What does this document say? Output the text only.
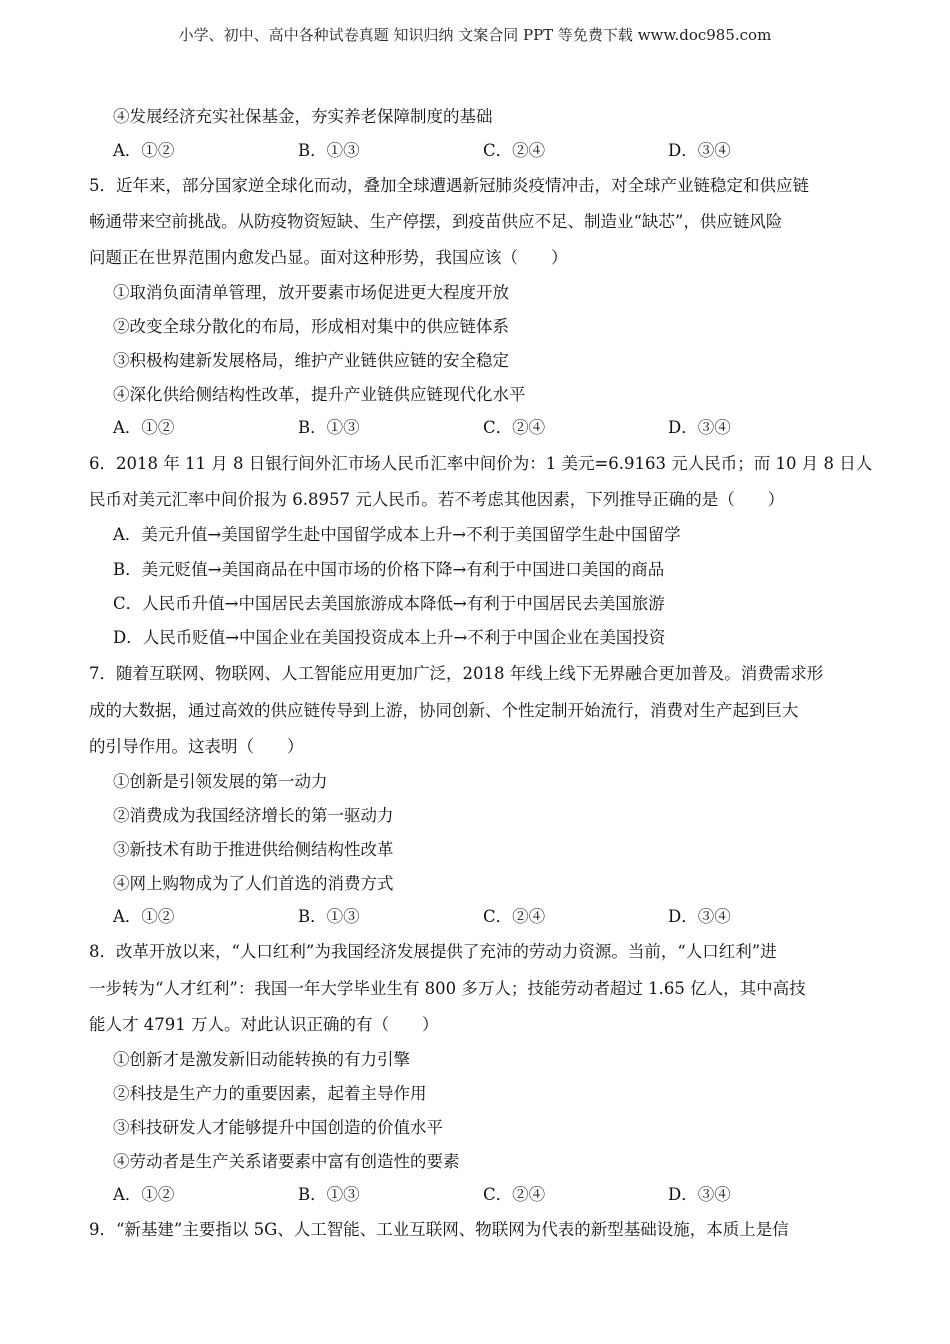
小学、初中、高中各种试卷真题 知识归纳 文案合同 PPT 等免费下载 www.doc985.com
④发展经济充实社保基金，夯实养老保障制度的基础
A．①②	B．①③	C．②④	D．③④
5．近年来，部分国家逆全球化而动，叠加全球遭遇新冠肺炎疫情冲击，对全球产业链稳定和供应链
畅通带来空前挑战。从防疫物资短缺、生产停摆，到疫苗供应不足、制造业“缺芯”，供应链风险
问题正在世界范围内愈发凸显。面对这种形势，我国应该（　　）
①取消负面清单管理，放开要素市场促进更大程度开放
②改变全球分散化的布局，形成相对集中的供应链体系
③积极构建新发展格局，维护产业链供应链的安全稳定
④深化供给侧结构性改革，提升产业链供应链现代化水平
A．①②	B．①③	C．②④	D．③④
6．2018 年 11 月 8 日银行间外汇市场人民币汇率中间价为：1 美元=6.9163 元人民币；而 10 月 8 日人
民币对美元汇率中间价报为 6.8957 元人民币。若不考虑其他因素，下列推导正确的是（　　）
A．美元升值→美国留学生赴中国留学成本上升→不利于美国留学生赴中国留学
B．美元贬值→美国商品在中国市场的价格下降→有利于中国进口美国的商品
C．人民币升值→中国居民去美国旅游成本降低→有利于中国居民去美国旅游
D．人民币贬值→中国企业在美国投资成本上升→不利于中国企业在美国投资
7．随着互联网、物联网、人工智能应用更加广泛，2018 年线上线下无界融合更加普及。消费需求形
成的大数据，通过高效的供应链传导到上游，协同创新、个性定制开始流行，消费对生产起到巨大
的引导作用。这表明（　　）
①创新是引领发展的第一动力
②消费成为我国经济增长的第一驱动力
③新技术有助于推进供给侧结构性改革
④网上购物成为了人们首选的消费方式
A．①②	B．①③	C．②④	D．③④
8．改革开放以来，“人口红利”为我国经济发展提供了充沛的劳动力资源。当前，“人口红利”进
一步转为“人才红利”：我国一年大学毕业生有 800 多万人；技能劳动者超过 1.65 亿人，其中高技
能人才 4791 万人。对此认识正确的有（　　）
①创新才是激发新旧动能转换的有力引擎
②科技是生产力的重要因素，起着主导作用
③科技研发人才能够提升中国创造的价值水平
④劳动者是生产关系诸要素中富有创造性的要素
A．①②	B．①③	C．②④	D．③④
9．“新基建”主要指以 5G、人工智能、工业互联网、物联网为代表的新型基础设施，本质上是信
